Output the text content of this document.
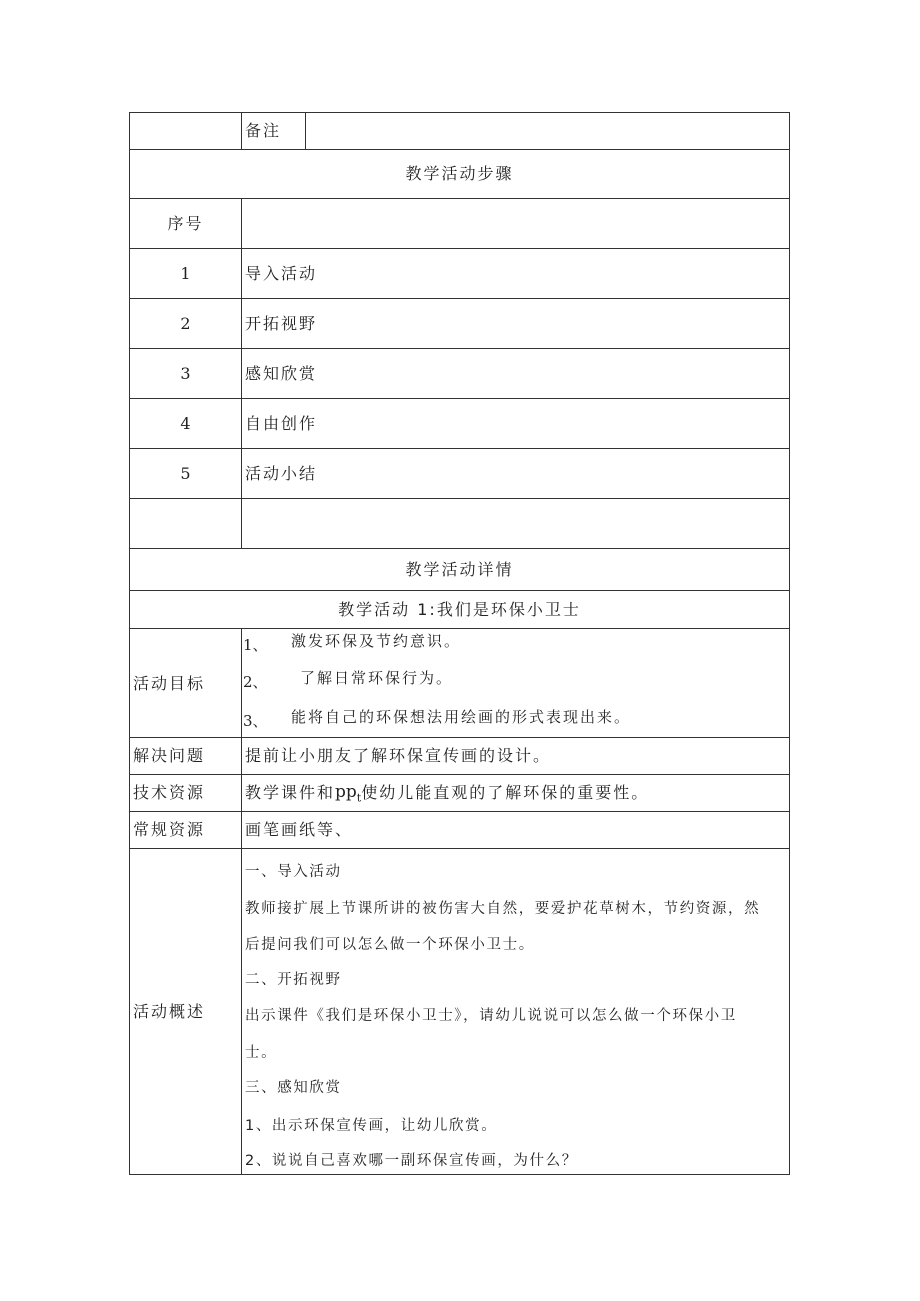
备注
教学活动步骤
序号
1	导入活动
2	开拓视野
3	感知欣赏
4	自由创作
5	活动小结
教学活动详情
教学活动 1:我们是环保小卫士
活动目标
1、 激发环保及节约意识。
2、 了解日常环保行为。
3、 能将自己的环保想法用绘画的形式表现出来。
解决问题 提前让小朋友了解环保宣传画的设计。
技术资源 教学课件和 $pp_t$ 使幼儿能直观的了解环保的重要性。
常规资源 画笔画纸等、
活动概述
一、导入活动
教师接扩展上节课所讲的被伤害大自然，要爱护花草树木，节约资源，然
后提问我们可以怎么做一个环保小卫士。
二、开拓视野
出示课件《我们是环保小卫士》，请幼儿说说可以怎么做一个环保小卫
士。
三、感知欣赏
1、出示环保宣传画，让幼儿欣赏。
2、说说自己喜欢哪一副环保宣传画，为什么？
